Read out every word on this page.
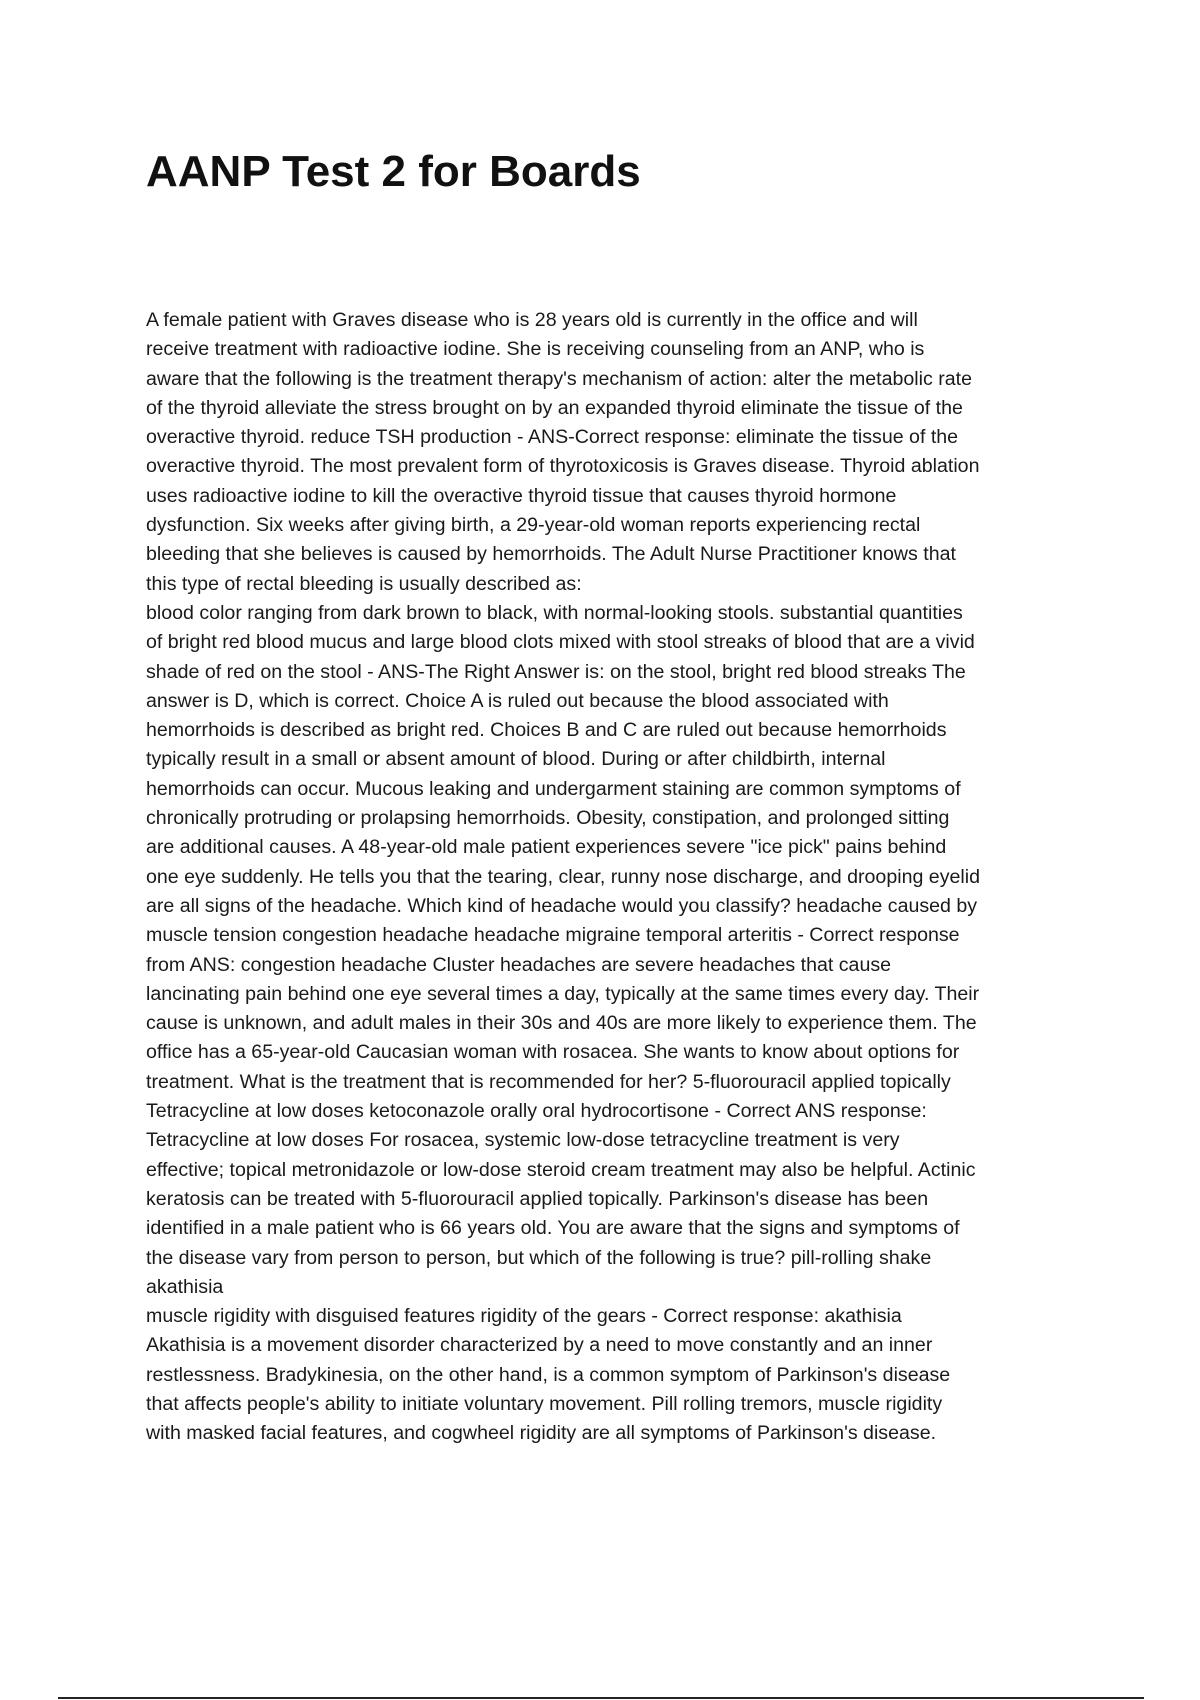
AANP Test 2 for Boards
A female patient with Graves disease who is 28 years old is currently in the office and will
receive treatment with radioactive iodine. She is receiving counseling from an ANP, who is
aware that the following is the treatment therapy's mechanism of action: alter the metabolic rate
of the thyroid alleviate the stress brought on by an expanded thyroid eliminate the tissue of the
overactive thyroid. reduce TSH production - ANS-Correct response: eliminate the tissue of the
overactive thyroid. The most prevalent form of thyrotoxicosis is Graves disease. Thyroid ablation
uses radioactive iodine to kill the overactive thyroid tissue that causes thyroid hormone
dysfunction. Six weeks after giving birth, a 29-year-old woman reports experiencing rectal
bleeding that she believes is caused by hemorrhoids. The Adult Nurse Practitioner knows that
this type of rectal bleeding is usually described as:
blood color ranging from dark brown to black, with normal-looking stools. substantial quantities
of bright red blood mucus and large blood clots mixed with stool streaks of blood that are a vivid
shade of red on the stool - ANS-The Right Answer is: on the stool, bright red blood streaks The
answer is D, which is correct. Choice A is ruled out because the blood associated with
hemorrhoids is described as bright red. Choices B and C are ruled out because hemorrhoids
typically result in a small or absent amount of blood. During or after childbirth, internal
hemorrhoids can occur. Mucous leaking and undergarment staining are common symptoms of
chronically protruding or prolapsing hemorrhoids. Obesity, constipation, and prolonged sitting
are additional causes. A 48-year-old male patient experiences severe "ice pick" pains behind
one eye suddenly. He tells you that the tearing, clear, runny nose discharge, and drooping eyelid
are all signs of the headache. Which kind of headache would you classify? headache caused by
muscle tension congestion headache headache migraine temporal arteritis - Correct response
from ANS: congestion headache Cluster headaches are severe headaches that cause
lancinating pain behind one eye several times a day, typically at the same times every day. Their
cause is unknown, and adult males in their 30s and 40s are more likely to experience them. The
office has a 65-year-old Caucasian woman with rosacea. She wants to know about options for
treatment. What is the treatment that is recommended for her? 5-fluorouracil applied topically
Tetracycline at low doses ketoconazole orally oral hydrocortisone - Correct ANS response:
Tetracycline at low doses For rosacea, systemic low-dose tetracycline treatment is very
effective; topical metronidazole or low-dose steroid cream treatment may also be helpful. Actinic
keratosis can be treated with 5-fluorouracil applied topically. Parkinson's disease has been
identified in a male patient who is 66 years old. You are aware that the signs and symptoms of
the disease vary from person to person, but which of the following is true? pill-rolling shake
akathisia
muscle rigidity with disguised features rigidity of the gears - Correct response: akathisia
Akathisia is a movement disorder characterized by a need to move constantly and an inner
restlessness. Bradykinesia, on the other hand, is a common symptom of Parkinson's disease
that affects people's ability to initiate voluntary movement. Pill rolling tremors, muscle rigidity
with masked facial features, and cogwheel rigidity are all symptoms of Parkinson's disease.
